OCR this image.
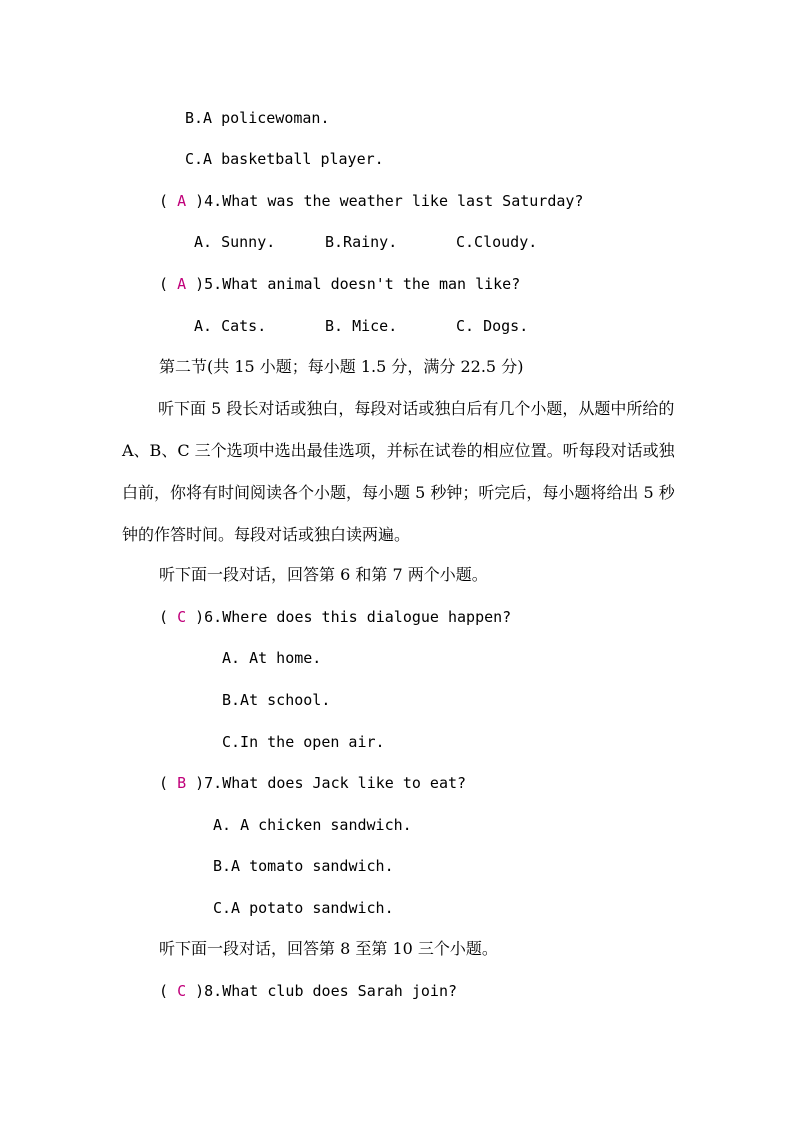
B.A policewoman.
C.A basketball player.
( A )4.What was the weather like last Saturday?
A. Sunny.	B.Rainy.	C.Cloudy.
( A )5.What animal doesn't the man like?
A. Cats.	B. Mice.	C. Dogs.
第二节(共 15 小题；每小题 1.5 分，满分 22.5 分)
听下面 5 段长对话或独白，每段对话或独白后有几个小题，从题中所给的 A、B、C 三个选项中选出最佳选项，并标在试卷的相应位置。听每段对话或独白前，你将有时间阅读各个小题，每小题 5 秒钟；听完后，每小题将给出 5 秒钟的作答时间。每段对话或独白读两遍。
听下面一段对话，回答第 6 和第 7 两个小题。
( C )6.Where does this dialogue happen?
A. At home.
B.At school.
C.In the open air.
( B )7.What does Jack like to eat?
A. A chicken sandwich.
B.A tomato sandwich.
C.A potato sandwich.
听下面一段对话，回答第 8 至第 10 三个小题。
( C )8.What club does Sarah join?
